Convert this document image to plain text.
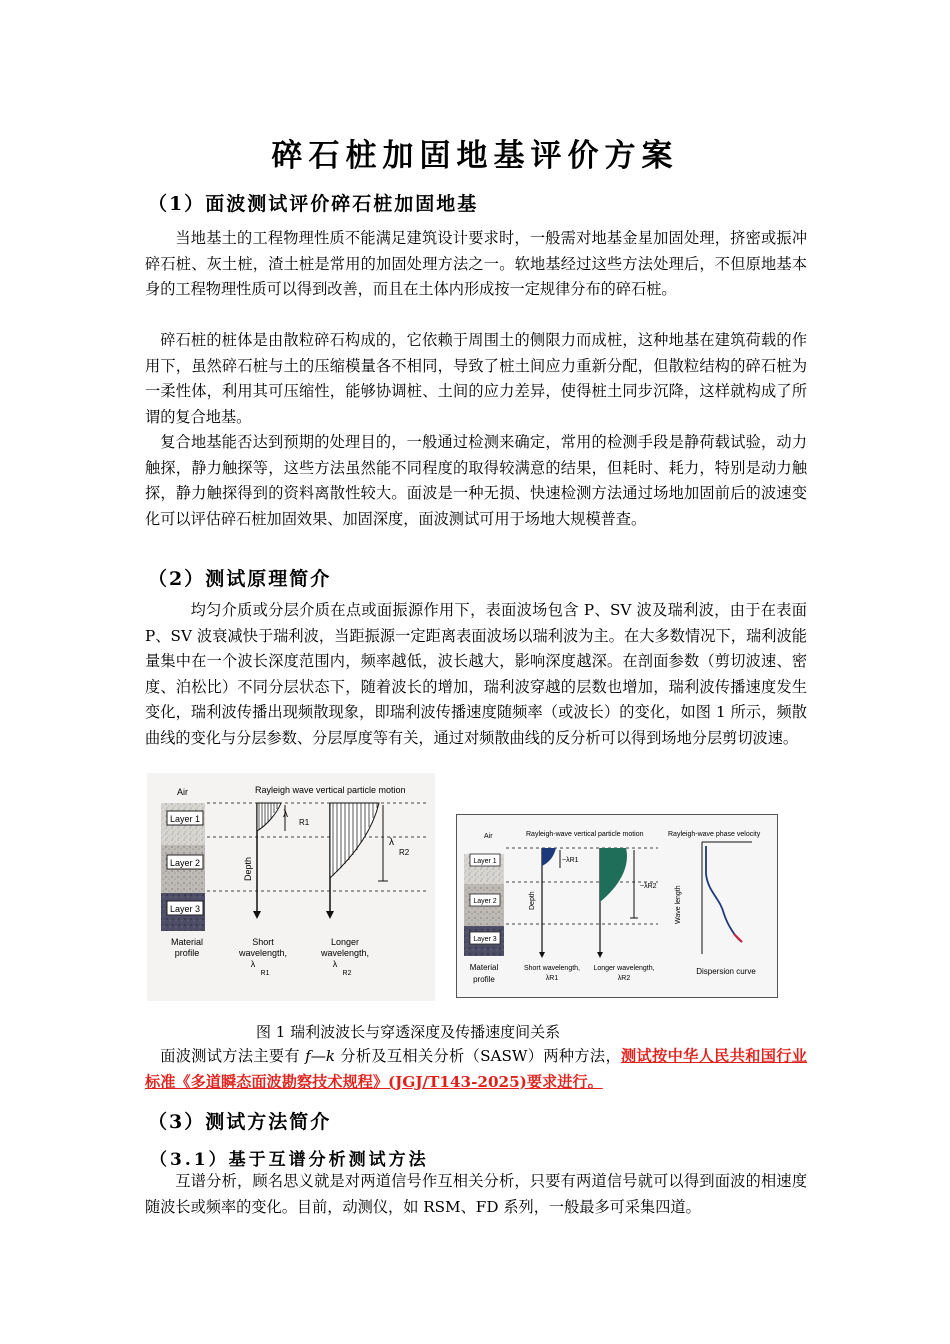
碎石桩加固地基评价方案
（1）面波测试评价碎石桩加固地基

当地基土的工程物理性质不能满足建筑设计要求时，一般需对地基金星加固处理，挤密或振冲碎石桩、灰土桩，渣土桩是常用的加固处理方法之一。软地基经过这些方法处理后，不但原地基本身的工程物理性质可以得到改善，而且在土体内形成按一定规律分布的碎石桩。

碎石桩的桩体是由散粒碎石构成的，它依赖于周围土的侧限力而成桩，这种地基在建筑荷载的作用下，虽然碎石桩与土的压缩模量各不相同，导致了桩土间应力重新分配，但散粒结构的碎石桩为一柔性体，利用其可压缩性，能够协调桩、土间的应力差异，使得桩土同步沉降，这样就构成了所谓的复合地基。

复合地基能否达到预期的处理目的，一般通过检测来确定，常用的检测手段是静荷载试验，动力触探，静力触探等，这些方法虽然能不同程度的取得较满意的结果，但耗时、耗力，特别是动力触探，静力触探得到的资料离散性较大。面波是一种无损、快速检测方法通过场地加固前后的波速变化可以评估碎石桩加固效果、加固深度，面波测试可用于场地大规模普查。

（2）测试原理简介

均匀介质或分层介质在点或面振源作用下，表面波场包含 P、SV 波及瑞利波，由于在表面 P、SV 波衰减快于瑞利波，当距振源一定距离表面波场以瑞利波为主。在大多数情况下，瑞利波能量集中在一个波长深度范围内，频率越低，波长越大，影响深度越深。在剖面参数（剪切波速、密度、泊松比）不同分层状态下，随着波长的增加，瑞利波穿越的层数也增加，瑞利波传播速度发生变化，瑞利波传播出现频散现象，即瑞利波传播速度随频率（或波长）的变化，如图 1 所示，频散曲线的变化与分层参数、分层厚度等有关，通过对频散曲线的反分析可以得到场地分层剪切波速。

Layer 1
Layer 2
Layer 3
Air	Rayleigh wave vertical particle motion
Depth
λ
R1
λ
R2
Material
profile
Short
wavelength,
λ
R1
Longer
wavelength,
λ
R2
Layer 1
Layer 2
Layer 3
Air	Rayleigh-wave vertical particle motion	Rayleigh-wave phase velocity
Depth
~λR1
~λR2	Wave length
Material
profile
Short wavelength,
λR1
Longer wavelength,
λR2
Dispersion curve
图 1 瑞利波波长与穿透深度及传播速度间关系

面波测试方法主要有 f—k 分析及互相关分析（SASW）两种方法，测试按中华人民共和国行业标准《多道瞬态面波勘察技术规程》(JGJ/T143-2025)要求进行。

（3）测试方法简介
（3.1）基于互谱分析测试方法

互谱分析，顾名思义就是对两道信号作互相关分析，只要有两道信号就可以得到面波的相速度随波长或频率的变化。目前，动测仪，如 RSM、FD 系列，一般最多可采集四道。
